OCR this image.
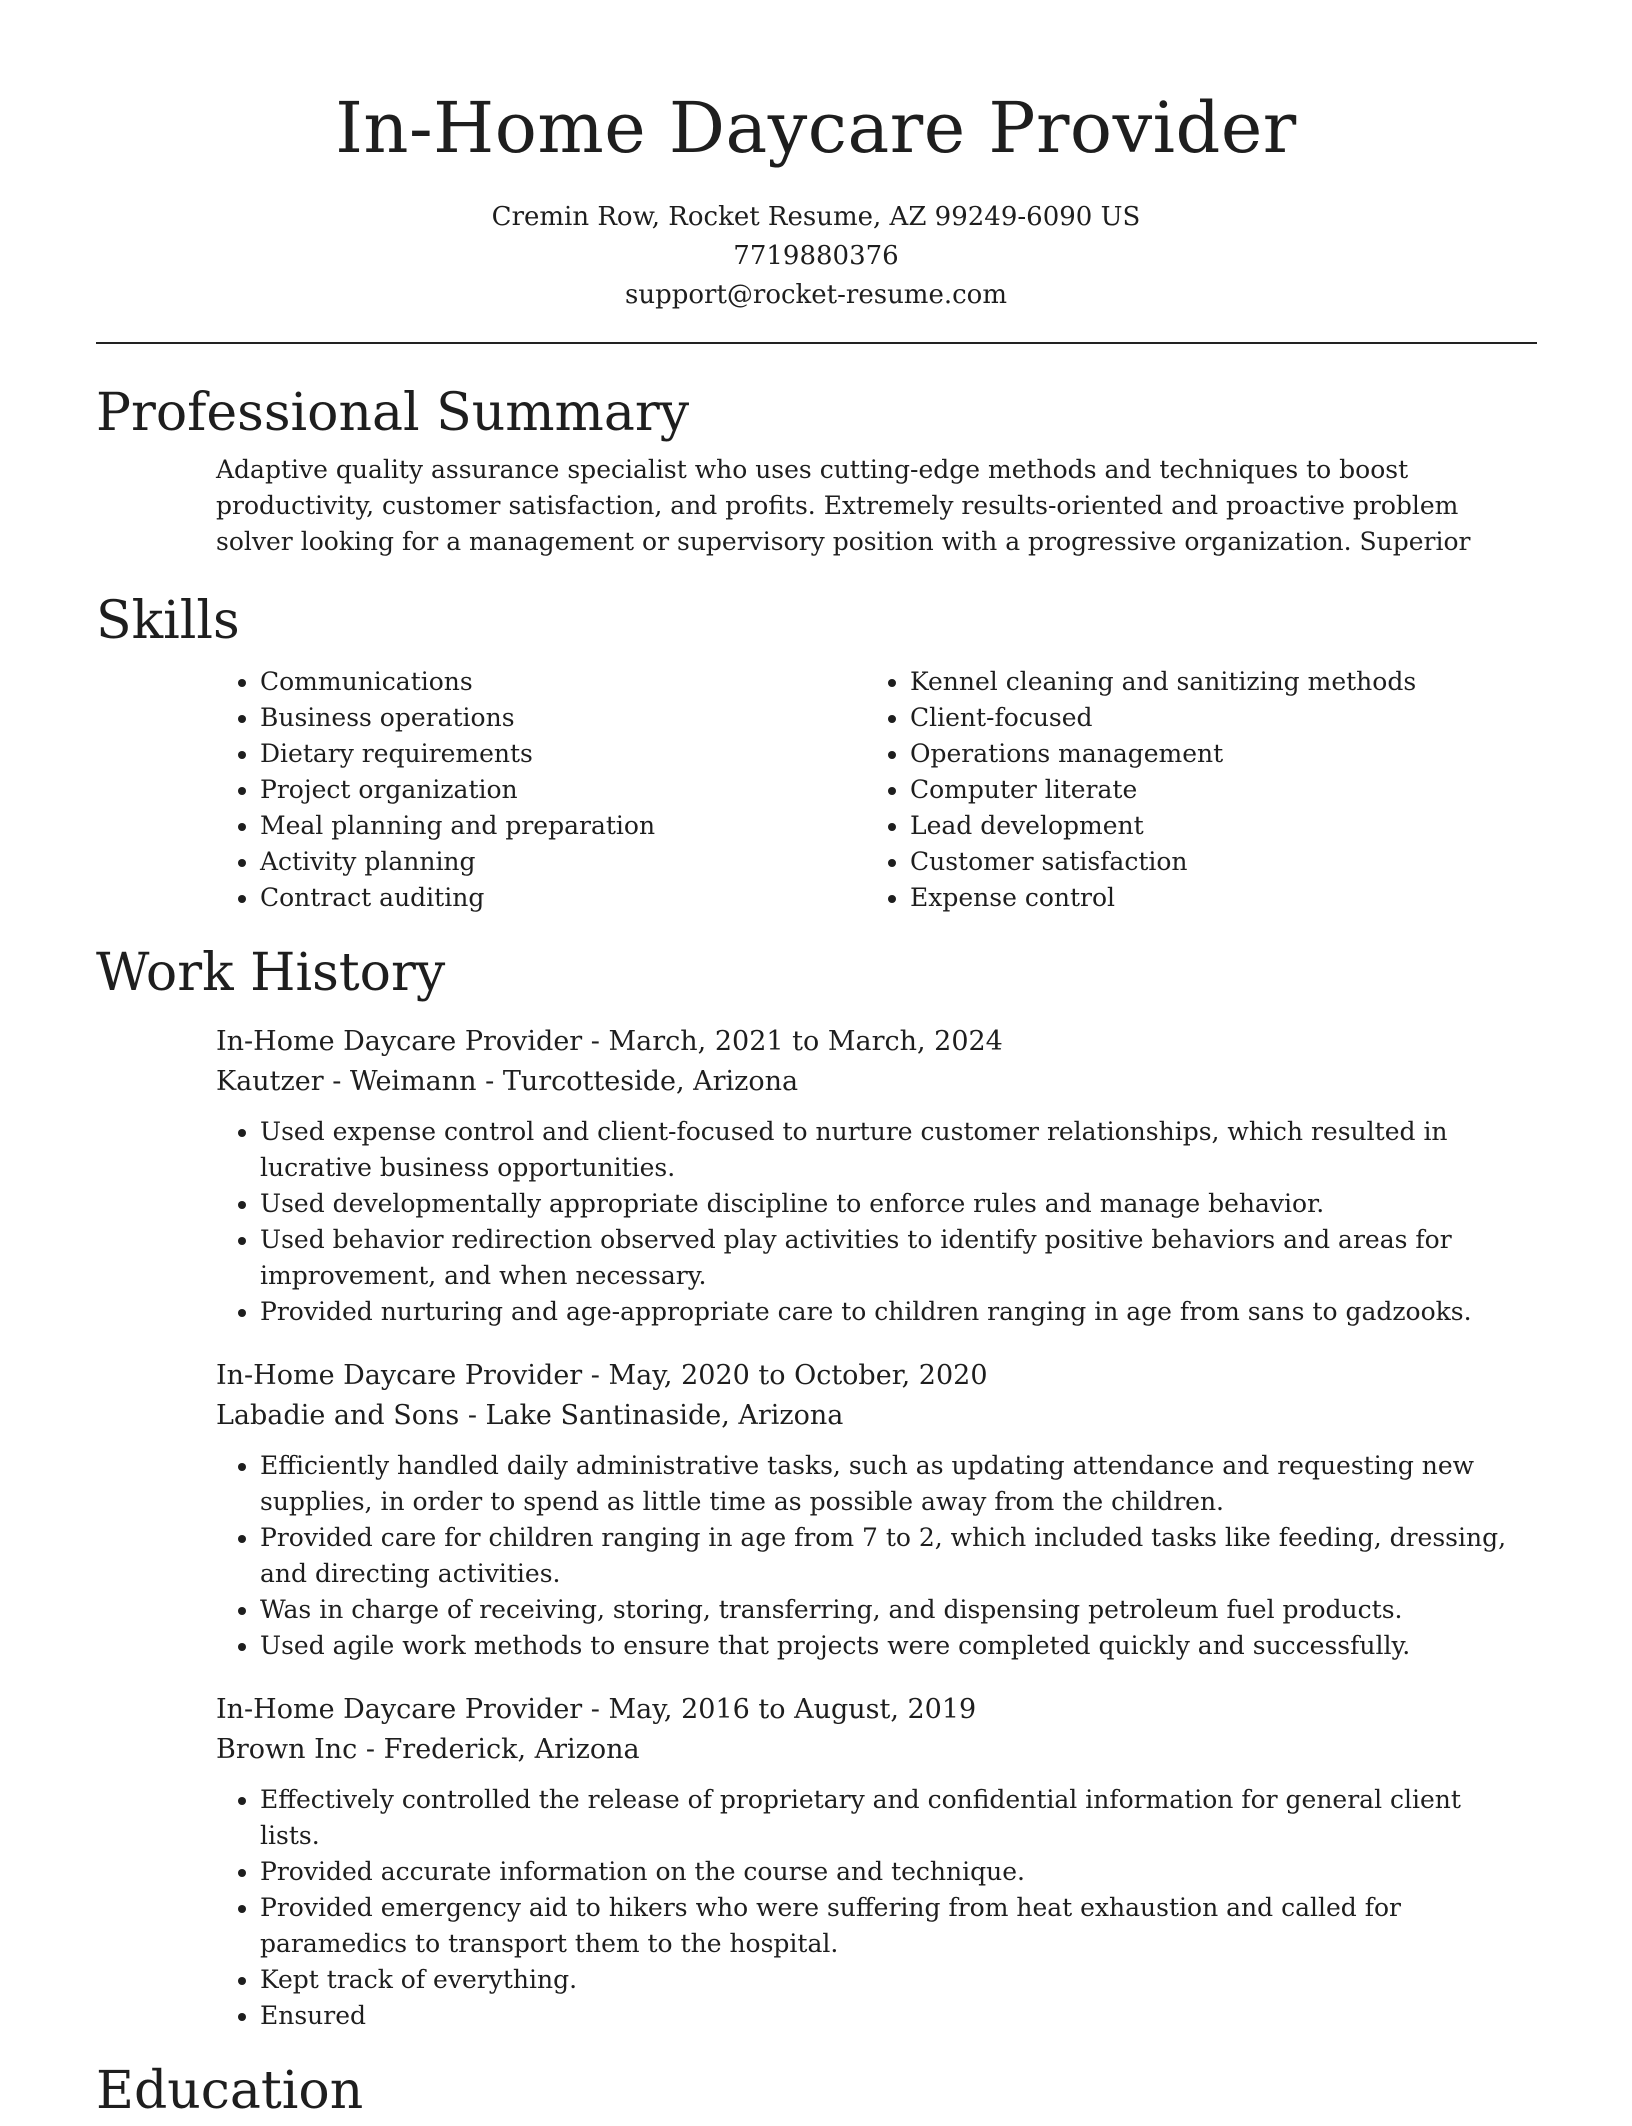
In-Home Daycare Provider
Cremin Row, Rocket Resume, AZ 99249-6090 US
7719880376
support@rocket-resume.com
Professional Summary
Adaptive quality assurance specialist who uses cutting-edge methods and techniques to boost productivity, customer satisfaction, and profits. Extremely results-oriented and proactive problem solver looking for a management or supervisory position with a progressive organization. Superior
Skills
• Communications
• Business operations
• Dietary requirements
• Project organization
• Meal planning and preparation
• Activity planning
• Contract auditing
• Kennel cleaning and sanitizing methods
• Client-focused
• Operations management
• Computer literate
• Lead development
• Customer satisfaction
• Expense control
Work History
In-Home Daycare Provider - March, 2021 to March, 2024
Kautzer - Weimann - Turcotteside, Arizona
• Used expense control and client-focused to nurture customer relationships, which resulted in lucrative business opportunities.
• Used developmentally appropriate discipline to enforce rules and manage behavior.
• Used behavior redirection observed play activities to identify positive behaviors and areas for improvement, and when necessary.
• Provided nurturing and age-appropriate care to children ranging in age from sans to gadzooks.
In-Home Daycare Provider - May, 2020 to October, 2020
Labadie and Sons - Lake Santinaside, Arizona
• Efficiently handled daily administrative tasks, such as updating attendance and requesting new supplies, in order to spend as little time as possible away from the children.
• Provided care for children ranging in age from 7 to 2, which included tasks like feeding, dressing, and directing activities.
• Was in charge of receiving, storing, transferring, and dispensing petroleum fuel products.
• Used agile work methods to ensure that projects were completed quickly and successfully.
In-Home Daycare Provider - May, 2016 to August, 2019
Brown Inc - Frederick, Arizona
• Effectively controlled the release of proprietary and confidential information for general client lists.
• Provided accurate information on the course and technique.
• Provided emergency aid to hikers who were suffering from heat exhaustion and called for paramedics to transport them to the hospital.
• Kept track of everything.
• Ensured
Education
